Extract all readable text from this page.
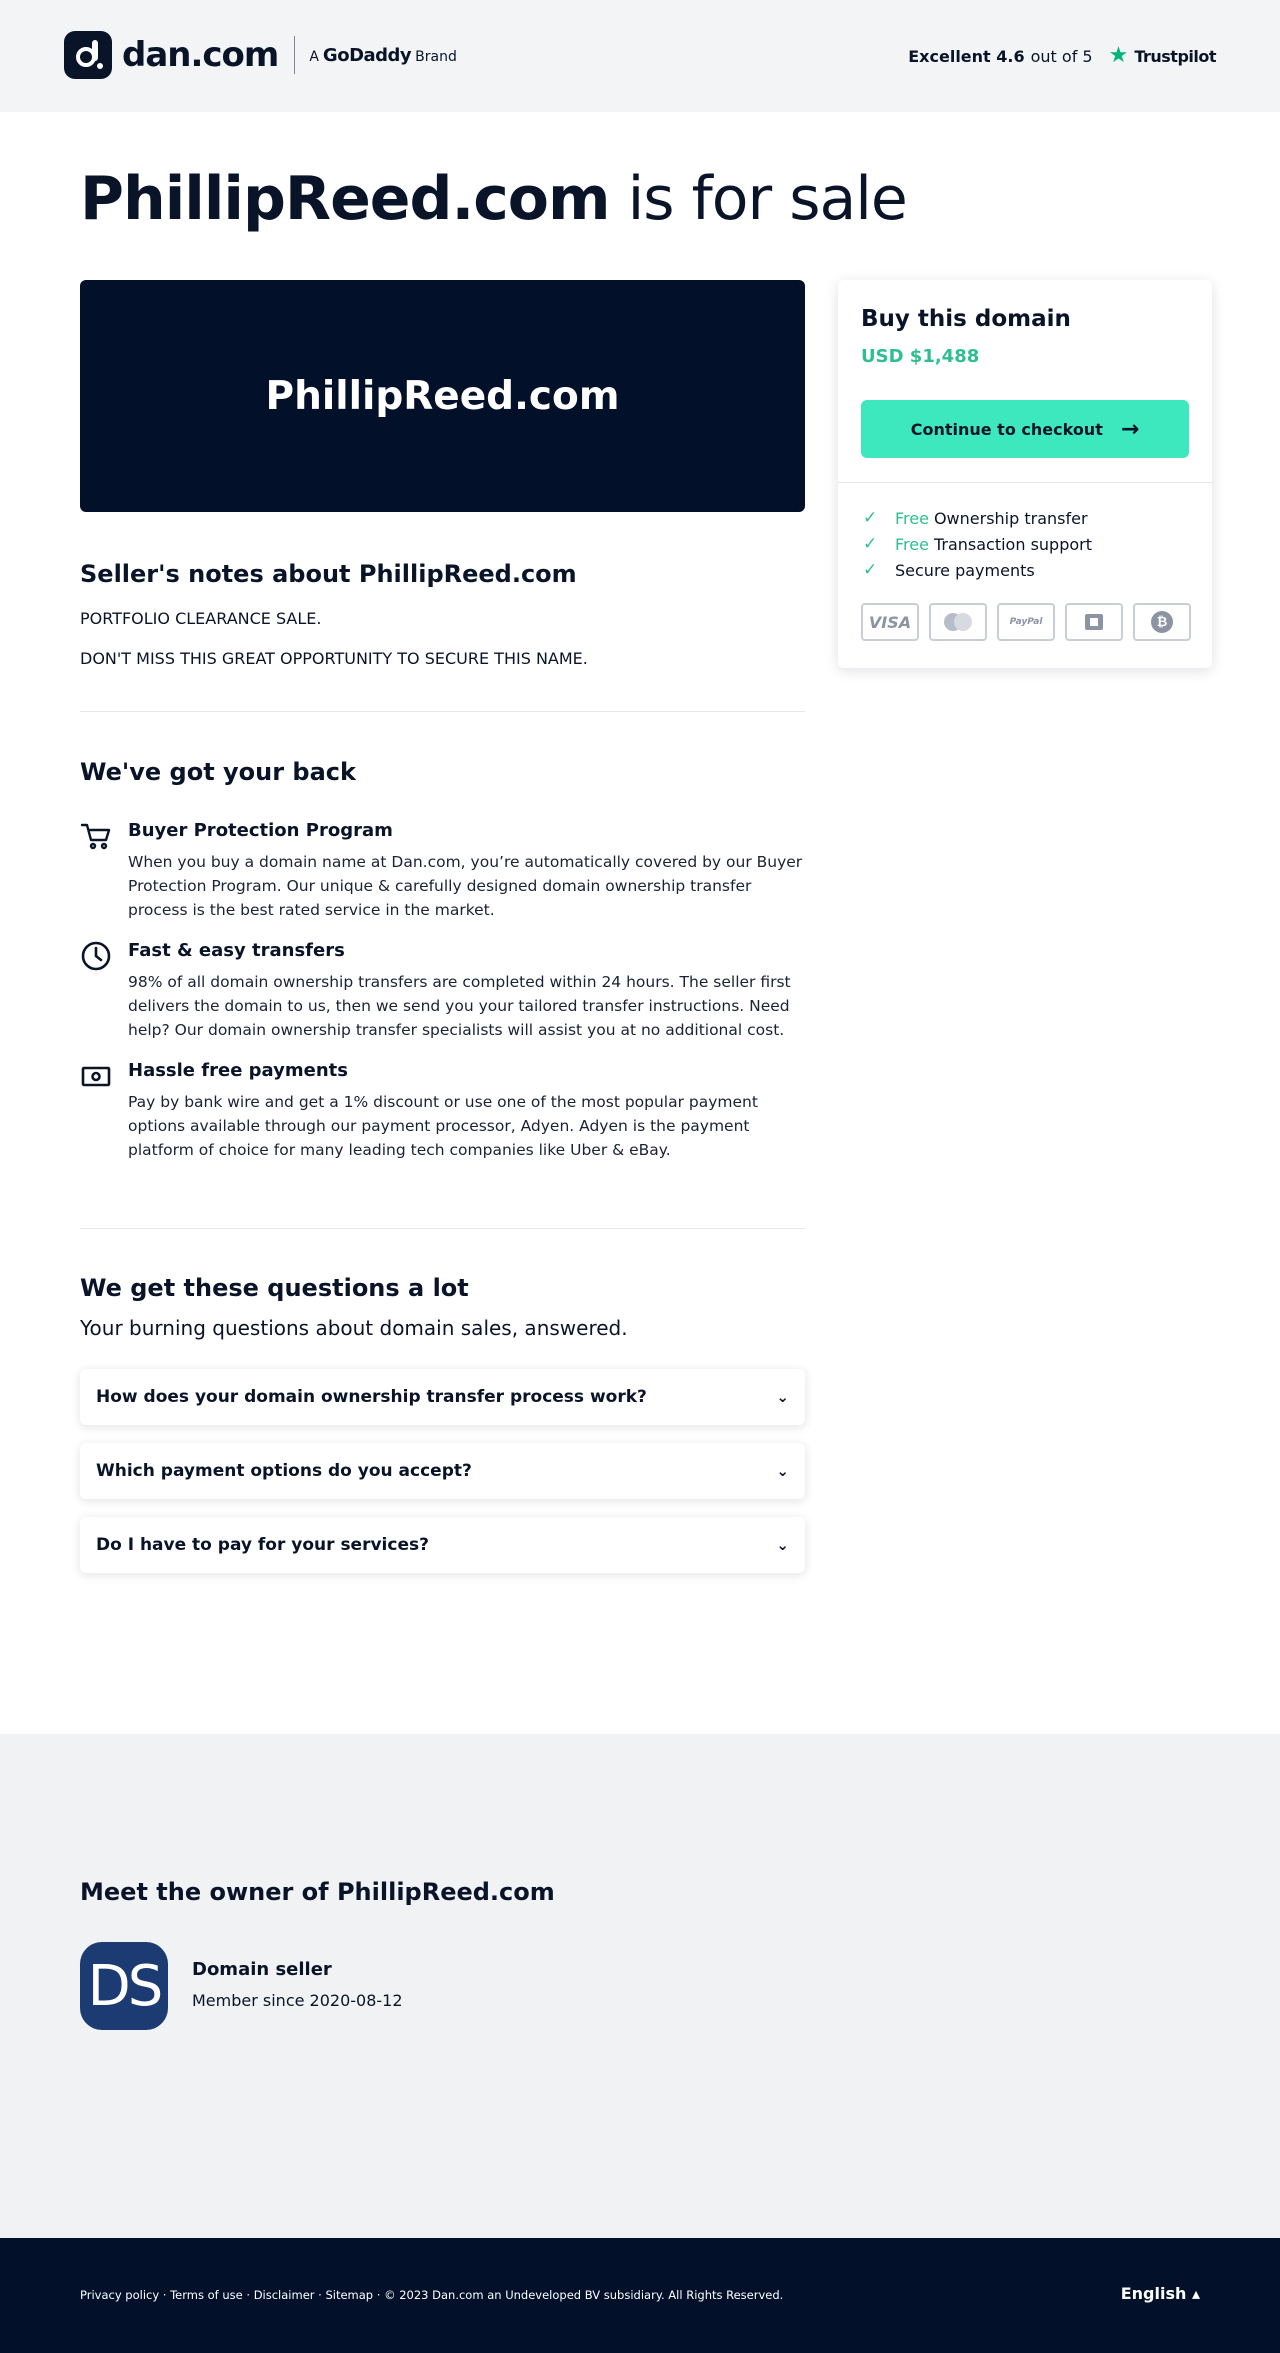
dan.com A GoDaddy Brand	Excellent 4.6 out of 5 ★ Trustpilot
PhillipReed.com is for sale
PhillipReed.com
Buy this domain
USD $1,488
Continue to checkout →
✓	Free Ownership transfer
✓	Free Transaction support
✓	Secure payments
VISA	PayPal	₿
Seller's notes about PhillipReed.com

PORTFOLIO CLEARANCE SALE.

DON'T MISS THIS GREAT OPPORTUNITY TO SECURE THIS NAME.

We've got your back
Buyer Protection Program

When you buy a domain name at Dan.com, you’re automatically covered by our Buyer Protection Program. Our unique & carefully designed domain ownership transfer process is the best rated service in the market.

Fast & easy transfers

98% of all domain ownership transfers are completed within 24 hours. The seller first delivers the domain to us, then we send you your tailored transfer instructions. Need help? Our domain ownership transfer specialists will assist you at no additional cost.

Hassle free payments

Pay by bank wire and get a 1% discount or use one of the most popular payment options available through our payment processor, Adyen. Adyen is the payment platform of choice for many leading tech companies like Uber & eBay.

We get these questions a lot

Your burning questions about domain sales, answered.

How does your domain ownership transfer process work?	⌄
Which payment options do you accept?	⌄
Do I have to pay for your services?	⌄
Meet the owner of PhillipReed.com
DS	Domain seller
Member since 2020-08-12
Privacy policy · Terms of use · Disclaimer · Sitemap · © 2023 Dan.com an Undeveloped BV subsidiary. All Rights Reserved.	English ▴
